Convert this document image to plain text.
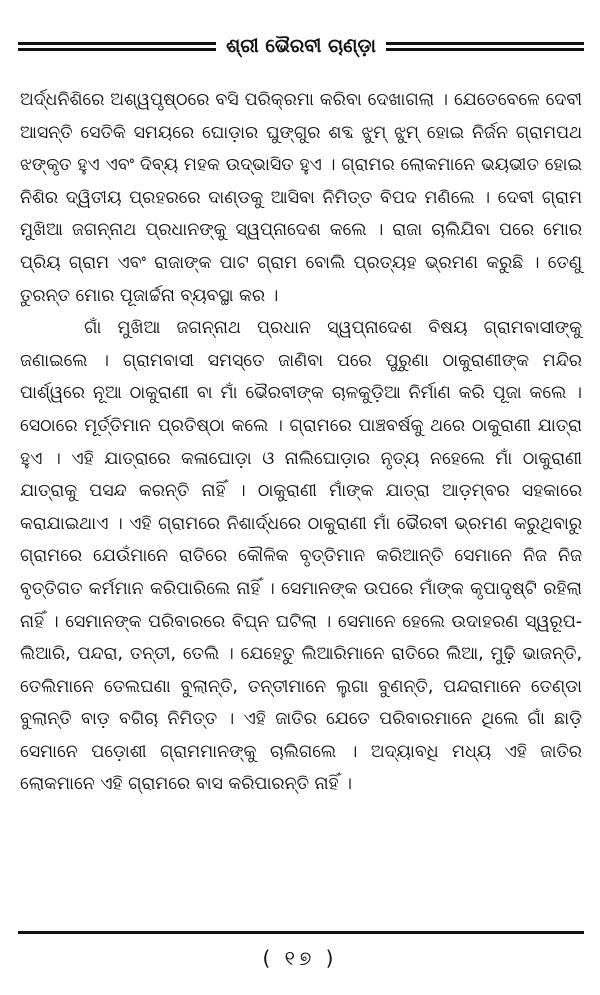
ଶ୍ରୀ ଭୈରବୀ ଚାଣ୍ଡ଼ା

ଅର୍ଦ୍ଧନିଶିରେ ଅଶ୍ୱପୃଷ୍ଠରେ ବସି ପରିକ୍ରମା କରିବା ଦେଖାଗଲା । ଯେତେବେଳେ ଦେବୀ ଆସନ୍ତି ସେତିକି ସମୟରେ ଘୋଡ଼ାର ଘୁଙ୍ଗୁର ଶବ୍ଦ ଝୁମ୍ ଝୁମ୍ ହୋଇ ନିର୍ଜନ ଗ୍ରାମପଥ ଝଙ୍କୃତ ହୁଏ ଏବଂ ଦିବ୍ୟ ମହକ ଉଦ୍ଭାସିତ ହୁଏ । ଗ୍ରାମର ଲୋକମାନେ ଭୟଭୀତ ହୋଇ ନିଶିର ଦ୍ୱିତୀୟ ପ୍ରହରରେ ଦାଣ୍ଡକୁ ଆସିବା ନିମିତ୍ତ ବିପଦ ମଣିଲେ । ଦେବୀ ଗ୍ରାମ ମୁଖିଆ ଜଗନ୍ନାଥ ପ୍ରଧାନଙ୍କୁ ସ୍ୱପ୍ନାଦେଶ କଲେ । ରାଜା ଚାଲିଯିବା ପରେ ମୋର ପ୍ରିୟ ଗ୍ରାମ ଏବଂ ରାଜାଙ୍କ ପାଟ ଗ୍ରାମ ବୋଲି ପ୍ରତ୍ୟହ ଭ୍ରମଣ କରୁଛି । ତେଣୁ ତୁରନ୍ତ ମୋର ପୂଜାର୍ଚ୍ଚନା ବ୍ୟବସ୍ଥା କର ।

ଗାଁ ମୁଖିଆ ଜଗନ୍ନାଥ ପ୍ରଧାନ ସ୍ୱପ୍ନାଦେଶ ବିଷୟ ଗ୍ରାମବାସୀଙ୍କୁ ଜଣାଇଲେ । ଗ୍ରାମବାସୀ ସମସ୍ତେ ଜାଣିବା ପରେ ପୁରୁଣା ଠାକୁରାଣୀଙ୍କ ମନ୍ଦିର ପାର୍ଶ୍ୱରେ ନୂଆ ଠାକୁରାଣୀ ବା ମାଁ ଭୈରବୀଙ୍କ ଚାଳକୁଡ଼ିଆ ନିର୍ମାଣ କରି ପୂଜା କଲେ । ସେଠାରେ ମୂର୍ତ୍ତିମାନ ପ୍ରତିଷ୍ଠା କଲେ । ଗ୍ରାମରେ ପାଞ୍ଚବର୍ଷକୁ ଥରେ ଠାକୁରାଣୀ ଯାତ୍ରା ହୁଏ । ଏହି ଯାତ୍ରାରେ କଳାଘୋଡ଼ା ଓ ନାଲିଘୋଡ଼ାର ନୃତ୍ୟ ନହେଲେ ମାଁ ଠାକୁରାଣୀ ଯାତ୍ରାକୁ ପସନ୍ଦ କରନ୍ତି ନାହିଁ । ଠାକୁରାଣୀ ମାଁଙ୍କ ଯାତ୍ରା ଆଡ଼ମ୍ବର ସହକାରେ କରାଯାଇଥାଏ । ଏହି ଗ୍ରାମରେ ନିଶାର୍ଦ୍ଧରେ ଠାକୁରାଣୀ ମାଁ ଭୈରବୀ ଭ୍ରମଣ କରୁଥିବାରୁ ଗ୍ରାମରେ ଯେଉଁମାନେ ରାତିରେ କୌଳିକ ବୃତ୍ତିମାନ କରିଆନ୍ତି ସେମାନେ ନିଜ ନିଜ ବୃତ୍ତିଗତ କର୍ମମାନ କରିପାରିଲେ ନାହିଁ । ସେମାନଙ୍କ ଉପରେ ମାଁଙ୍କ କୃପାଦୃଷ୍ଟି ରହିଲା ନାହିଁ । ସେମାନଙ୍କ ପରିବାରରେ ବିଘ୍ନ ଘଟିଲା । ସେମାନେ ହେଲେ ଉଦାହରଣ ସ୍ୱରୂପ- ଲିଆରି, ପନ୍ଦରା, ତନ୍ତୀ, ତେଲି । ଯେହେତୁ ଲିଆରିମାନେ ରାତିରେ ଲିଆ, ମୁଢ଼ି ଭାଜନ୍ତି, ତେଲିମାନେ ତେଲଘଣା ବୁଲାନ୍ତି, ତନ୍ତୀମାନେ ଲୁଗା ବୁଣନ୍ତି, ପନ୍ଦରାମାନେ ତେଣ୍ଡା ବୁଲାନ୍ତି ବାଡ଼ ବଗିଚା ନିମିତ୍ତ । ଏହି ଜାତିର ଯେତେ ପରିବାରମାନେ ଥିଲେ ଗାଁ ଛାଡ଼ି ସେମାନେ ପଡ଼ୋଶୀ ଗ୍ରାମମାନଙ୍କୁ ଚାଲିଗଲେ । ଅଦ୍ୟାବଧି ମଧ୍ୟ ଏହି ଜାତିର ଲୋକମାନେ ଏହି ଗ୍ରାମରେ ବାସ କରିପାରନ୍ତି ନାହିଁ ।

( ୧୭ )
